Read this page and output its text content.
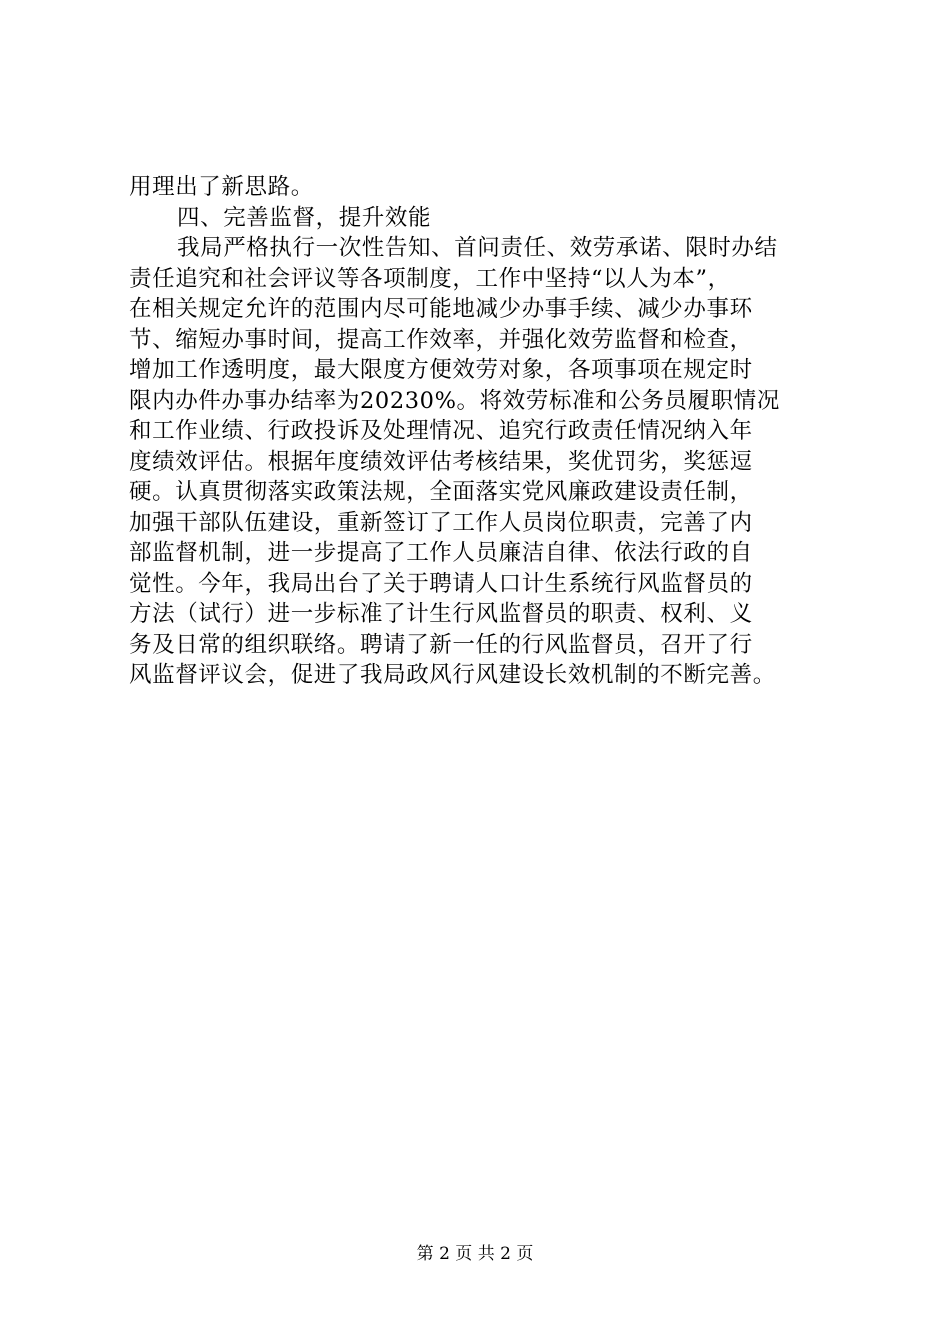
用理出了新思路。
四、完善监督，提升效能
我局严格执行一次性告知、首问责任、效劳承诺、限时办结
责任追究和社会评议等各项制度，工作中坚持“以人为本”，
在相关规定允许的范围内尽可能地减少办事手续、减少办事环
节、缩短办事时间，提高工作效率，并强化效劳监督和检查，
增加工作透明度，最大限度方便效劳对象，各项事项在规定时
限内办件办事办结率为20230%。将效劳标准和公务员履职情况
和工作业绩、行政投诉及处理情况、追究行政责任情况纳入年
度绩效评估。根据年度绩效评估考核结果，奖优罚劣，奖惩逗
硬。认真贯彻落实政策法规，全面落实党风廉政建设责任制，
加强干部队伍建设，重新签订了工作人员岗位职责，完善了内
部监督机制，进一步提高了工作人员廉洁自律、依法行政的自
觉性。今年，我局出台了关于聘请人口计生系统行风监督员的
方法（试行）进一步标准了计生行风监督员的职责、权利、义
务及日常的组织联络。聘请了新一任的行风监督员，召开了行
风监督评议会，促进了我局政风行风建设长效机制的不断完善。
第 2 页 共 2 页
